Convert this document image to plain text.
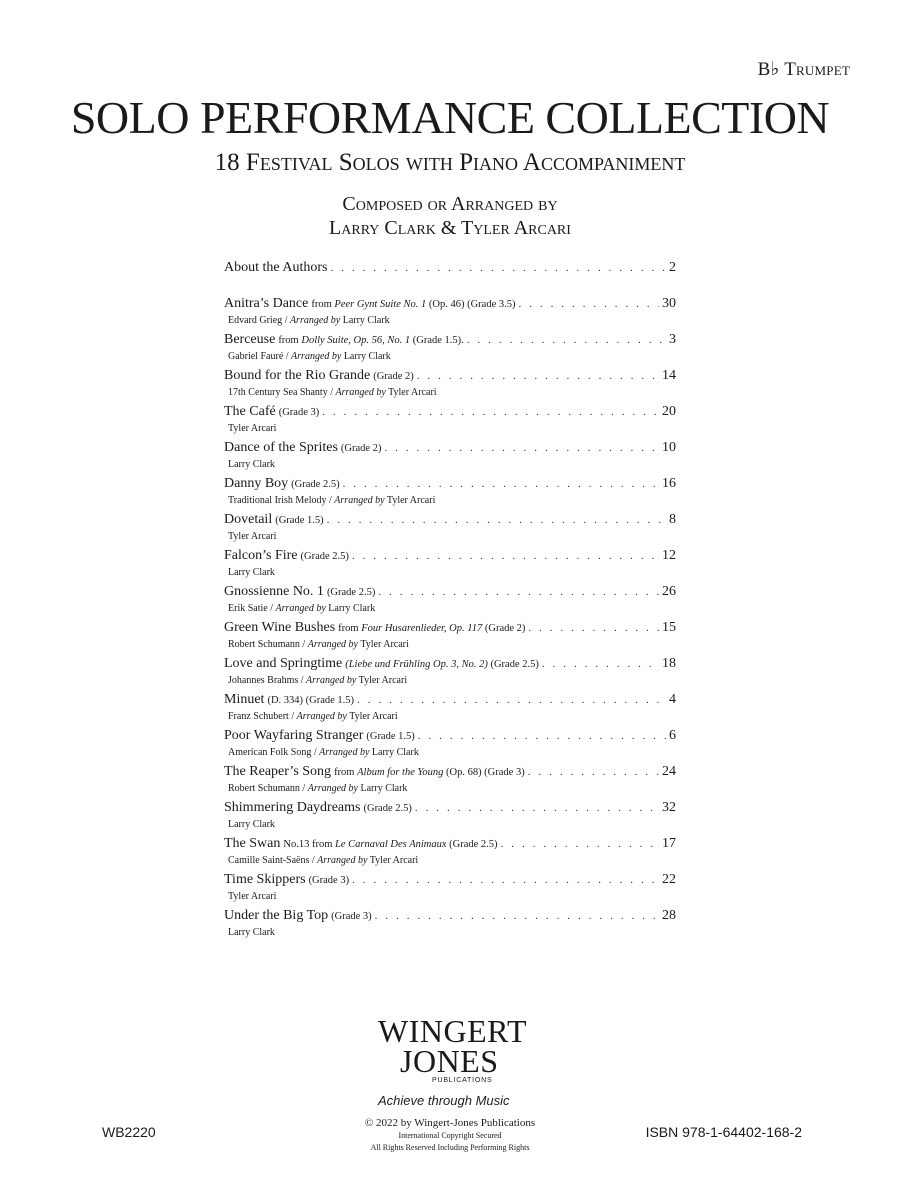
B♭ Trumpet
SOLO PERFORMANCE COLLECTION
18 Festival Solos with Piano Accompaniment
Composed or Arranged by
Larry Clark & Tyler Arcari
About the Authors . . .	2
Anitra’s Dance from Peer Gynt Suite No. 1 (Op. 46) (Grade 3.5) . . .	30
Edvard Grieg / Arranged by Larry Clark
Berceuse from Dolly Suite, Op. 56, No. 1 (Grade 1.5). . . .	3
Gabriel Fauré / Arranged by Larry Clark
Bound for the Rio Grande (Grade 2) . . .	14
17th Century Sea Shanty / Arranged by Tyler Arcari
The Café (Grade 3) . . .	20
Tyler Arcari
Dance of the Sprites (Grade 2) . . .	10
Larry Clark
Danny Boy (Grade 2.5) . . .	16
Traditional Irish Melody / Arranged by Tyler Arcari
Dovetail (Grade 1.5) . . .	8
Tyler Arcari
Falcon’s Fire (Grade 2.5) . . .	12
Larry Clark
Gnossienne No. 1 (Grade 2.5) . . .	26
Erik Satie / Arranged by Larry Clark
Green Wine Bushes from Four Husarenlieder, Op. 117 (Grade 2) . . .	15
Robert Schumann / Arranged by Tyler Arcari
Love and Springtime (Liebe und Frühling Op. 3, No. 2) (Grade 2.5) . . .	18
Johannes Brahms / Arranged by Tyler Arcari
Minuet (D. 334) (Grade 1.5) . . .	4
Franz Schubert / Arranged by Tyler Arcari
Poor Wayfaring Stranger (Grade 1.5) . . .	6
American Folk Song / Arranged by Larry Clark
The Reaper’s Song from Album for the Young (Op. 68) (Grade 3) . . .	24
Robert Schumann / Arranged by Larry Clark
Shimmering Daydreams (Grade 2.5) . . .	32
Larry Clark
The Swan No.13 from Le Carnaval Des Animaux (Grade 2.5) . . .	17
Camille Saint-Saëns / Arranged by Tyler Arcari
Time Skippers (Grade 3) . . .	22
Tyler Arcari
Under the Big Top (Grade 3) . . .	28
Larry Clark
WINGERT
JONES
PUBLICATIONS
Achieve through Music
WB2220
© 2022 by Wingert-Jones Publications
International Copyright Secured
All Rights Reserved Including Performing Rights
ISBN 978-1-64402-168-2
